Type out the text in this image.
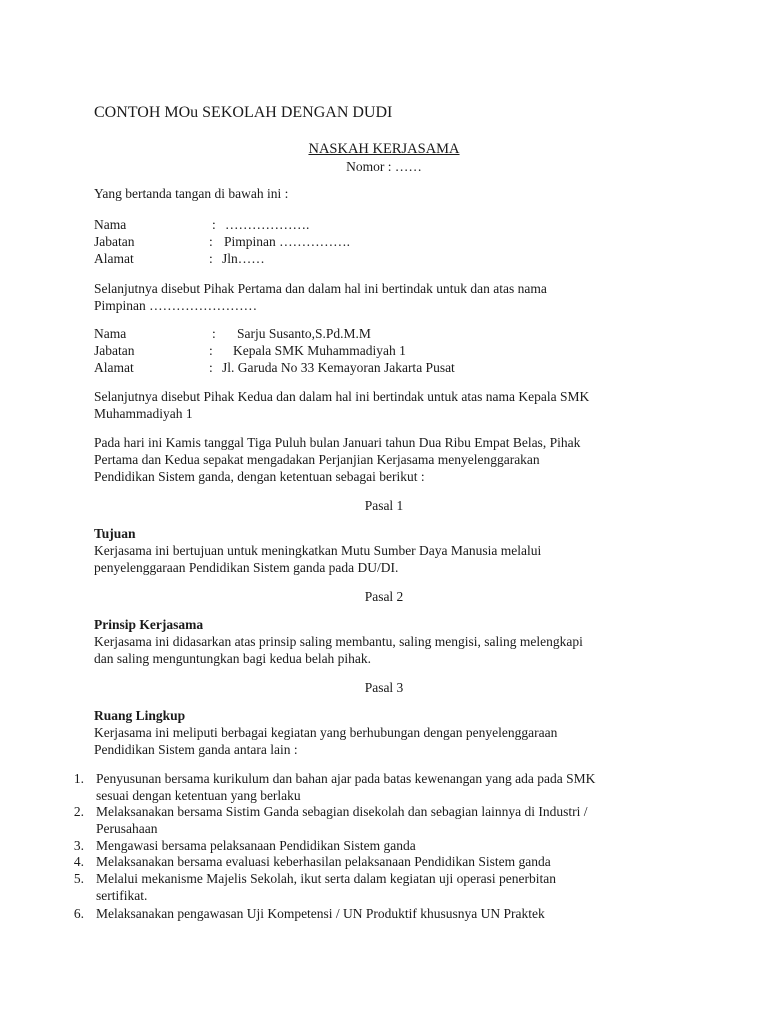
CONTOH MOu SEKOLAH DENGAN DUDI
NASKAH KERJASAMA
Nomor : ……
Yang bertanda tangan di bawah ini :
Nama	: ……………….
Jabatan	: Pimpinan …………….
Alamat	: Jln……
Selanjutnya disebut Pihak Pertama dan dalam hal ini bertindak untuk dan atas nama
Pimpinan ……………………
Nama	: Sarju Susanto,S.Pd.M.M
Jabatan	: Kepala SMK Muhammadiyah 1
Alamat	: Jl. Garuda No 33 Kemayoran Jakarta Pusat
Selanjutnya disebut Pihak Kedua dan dalam hal ini bertindak untuk atas nama Kepala SMK
Muhammadiyah 1
Pada hari ini Kamis tanggal Tiga Puluh bulan Januari tahun Dua Ribu Empat Belas, Pihak
Pertama dan Kedua sepakat mengadakan Perjanjian Kerjasama menyelenggarakan
Pendidikan Sistem ganda, dengan ketentuan sebagai berikut :
Pasal 1
Tujuan
Kerjasama ini bertujuan untuk meningkatkan Mutu Sumber Daya Manusia melalui
penyelenggaraan Pendidikan Sistem ganda pada DU/DI.
Pasal 2
Prinsip Kerjasama
Kerjasama ini didasarkan atas prinsip saling membantu, saling mengisi, saling melengkapi
dan saling menguntungkan bagi kedua belah pihak.
Pasal 3
Ruang Lingkup
Kerjasama ini meliputi berbagai kegiatan yang berhubungan dengan penyelenggaraan
Pendidikan Sistem ganda antara lain :
1. Penyusunan bersama kurikulum dan bahan ajar pada batas kewenangan yang ada pada SMK
sesuai dengan ketentuan yang berlaku
2. Melaksanakan bersama Sistim Ganda sebagian disekolah dan sebagian lainnya di Industri /
Perusahaan
3. Mengawasi bersama pelaksanaan Pendidikan Sistem ganda
4. Melaksanakan bersama evaluasi keberhasilan pelaksanaan Pendidikan Sistem ganda
5. Melalui mekanisme Majelis Sekolah, ikut serta dalam kegiatan uji operasi penerbitan
sertifikat.
6. Melaksanakan pengawasan Uji Kompetensi / UN Produktif khususnya UN Praktek
